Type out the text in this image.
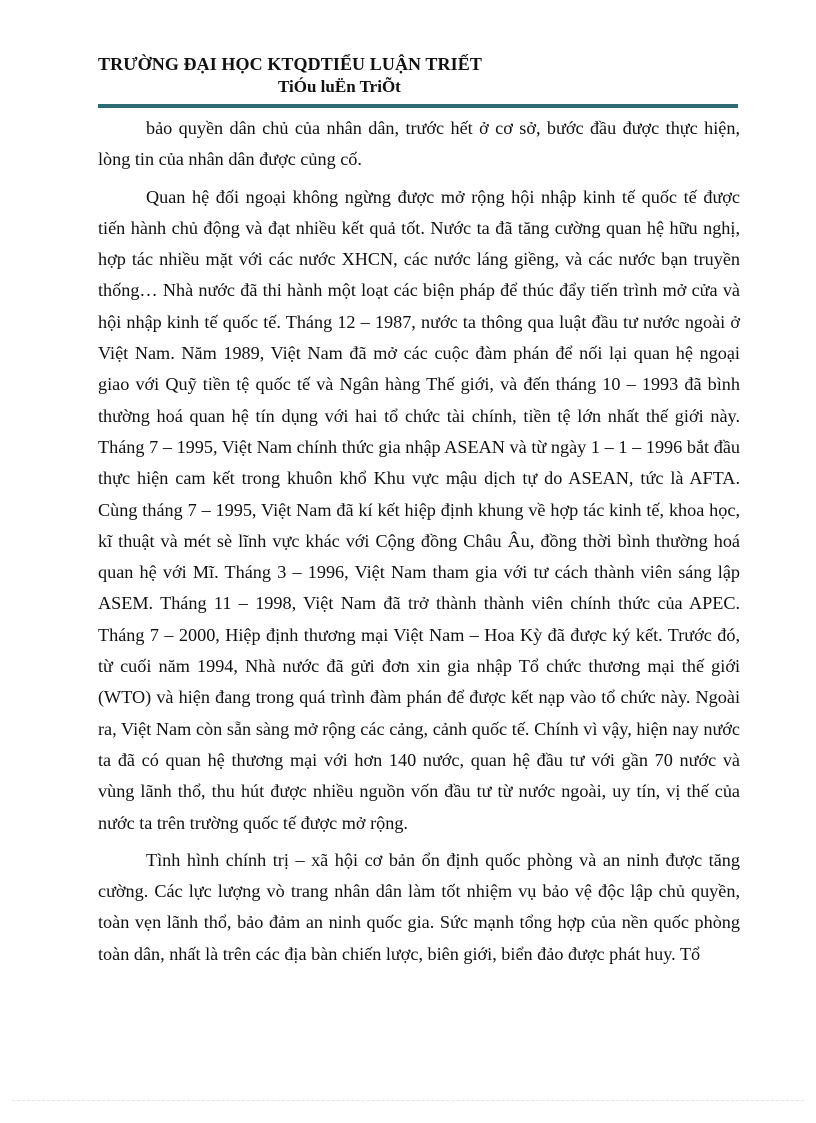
TRƯỜNG ĐẠI HỌC KTQDTIỂU LUẬN TRIẾT
TiÓu luËn TriÕt

bảo quyền dân chủ của nhân dân, trước hết ở cơ sở, bước đầu được thực hiện, lòng tin của nhân dân được củng cố.

Quan hệ đối ngoại không ngừng được mở rộng hội nhập kinh tế quốc tế được tiến hành chủ động và đạt nhiều kết quả tốt. Nước ta đã tăng cường quan hệ hữu nghị, hợp tác nhiều mặt với các nước XHCN, các nước láng giềng, và các nước bạn truyền thống… Nhà nước đã thi hành một loạt các biện pháp để thúc đẩy tiến trình mở cửa và hội nhập kinh tế quốc tế. Tháng 12 – 1987, nước ta thông qua luật đầu tư nước ngoài ở Việt Nam. Năm 1989, Việt Nam đã mở các cuộc đàm phán để nối lại quan hệ ngoại giao với Quỹ tiền tệ quốc tế và Ngân hàng Thế giới, và đến tháng 10 – 1993 đã bình thường hoá quan hệ tín dụng với hai tổ chức tài chính, tiền tệ lớn nhất thế giới này. Tháng 7 – 1995, Việt Nam chính thức gia nhập ASEAN và từ ngày 1 – 1 – 1996 bắt đầu thực hiện cam kết trong khuôn khổ Khu vực mậu dịch tự do ASEAN, tức là AFTA. Cùng tháng 7 – 1995, Việt Nam đã kí kết hiệp định khung về hợp tác kinh tế, khoa học, kĩ thuật và mét sè lĩnh vực khác với Cộng đồng Châu Âu, đồng thời bình thường hoá quan hệ với Mĩ. Tháng 3 – 1996, Việt Nam tham gia với tư cách thành viên sáng lập ASEM. Tháng 11 – 1998, Việt Nam đã trở thành thành viên chính thức của APEC. Tháng 7 – 2000, Hiệp định thương mại Việt Nam – Hoa Kỳ đã được ký kết. Trước đó, từ cuối năm 1994, Nhà nước đã gửi đơn xin gia nhập Tổ chức thương mại thế giới (WTO) và hiện đang trong quá trình đàm phán để được kết nạp vào tổ chức này. Ngoài ra, Việt Nam còn sẵn sàng mở rộng các cảng, cảnh quốc tế. Chính vì vậy, hiện nay nước ta đã có quan hệ thương mại với hơn 140 nước, quan hệ đầu tư với gần 70 nước và vùng lãnh thổ, thu hút được nhiều nguồn vốn đầu tư từ nước ngoài, uy tín, vị thế của nước ta trên trường quốc tế được mở rộng.

Tình hình chính trị – xã hội cơ bản ổn định quốc phòng và an ninh được tăng cường. Các lực lượng vò trang nhân dân làm tốt nhiệm vụ bảo vệ độc lập chủ quyền, toàn vẹn lãnh thổ, bảo đảm an ninh quốc gia. Sức mạnh tổng hợp của nền quốc phòng toàn dân, nhất là trên các địa bàn chiến lược, biên giới, biển đảo được phát huy. Tổ
